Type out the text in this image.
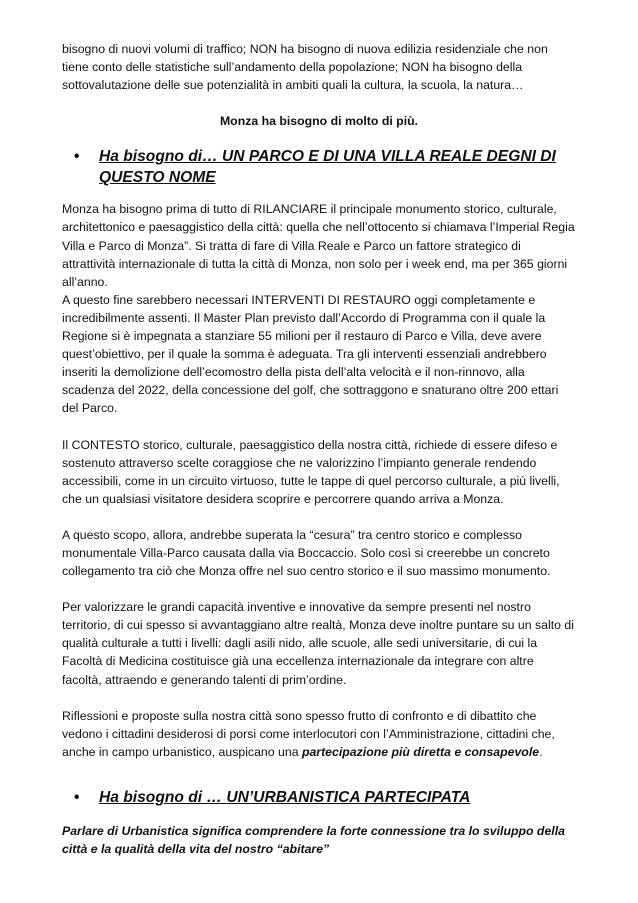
bisogno di nuovi volumi di traffico; NON ha bisogno di nuova edilizia residenziale che non tiene conto delle statistiche sull’andamento della popolazione; NON ha bisogno della sottovalutazione delle sue potenzialità in ambiti quali la cultura, la scuola, la natura…

Monza ha bisogno di molto di più.

• Ha bisogno di… UN PARCO E DI UNA VILLA REALE DEGNI DI QUESTO NOME

Monza ha bisogno prima di tutto di RILANCIARE il principale monumento storico, culturale, architettonico e paesaggistico della città: quella che nell’ottocento si chiamava l’Imperial Regia Villa e Parco di Monza”. Si tratta di fare di Villa Reale e Parco un fattore strategico di attrattività internazionale di tutta la città di Monza, non solo per i week end, ma per 365 giorni all’anno.

A questo fine sarebbero necessari INTERVENTI DI RESTAURO oggi completamente e incredibilmente assenti. Il Master Plan previsto dall’Accordo di Programma con il quale la Regione si è impegnata a stanziare 55 milioni per il restauro di Parco e Villa, deve avere quest’obiettivo, per il quale la somma è adeguata. Tra gli interventi essenziali andrebbero inseriti la demolizione dell’ecomostro della pista dell’alta velocità e il non-rinnovo, alla scadenza del 2022, della concessione del golf, che sottraggono e snaturano oltre 200 ettari del Parco.

Il CONTESTO storico, culturale, paesaggistico della nostra città, richiede di essere difeso e sostenuto attraverso scelte coraggiose che ne valorizzino l’impianto generale rendendo accessibili, come in un circuito virtuoso, tutte le tappe di quel percorso culturale, a più livelli, che un qualsiasi visitatore desidera scoprire e percorrere quando arriva a Monza.

A questo scopo, allora, andrebbe superata la “cesura” tra centro storico e complesso monumentale Villa-Parco causata dalla via Boccaccio. Solo così si creerebbe un concreto collegamento tra ciò che Monza offre nel suo centro storico e il suo massimo monumento.

Per valorizzare le grandi capacità inventive e innovative da sempre presenti nel nostro territorio, di cui spesso si avvantaggiano altre realtà, Monza deve inoltre puntare su un salto di qualità culturale a tutti i livelli: dagli asili nido, alle scuole, alle sedi universitarie, di cui la Facoltà di Medicina costituisce già una eccellenza internazionale da integrare con altre facoltà, attraendo e generando talenti di prim’ordine.

Riflessioni e proposte sulla nostra città sono spesso frutto di confronto e di dibattito che vedono i cittadini desiderosi di porsi come interlocutori con l’Amministrazione, cittadini che, anche in campo urbanistico, auspicano una partecipazione più diretta e consapevole.

• Ha bisogno di … UN’URBANISTICA PARTECIPATA

Parlare di Urbanistica significa comprendere la forte connessione tra lo sviluppo della città e la qualità della vita del nostro “abitare”
